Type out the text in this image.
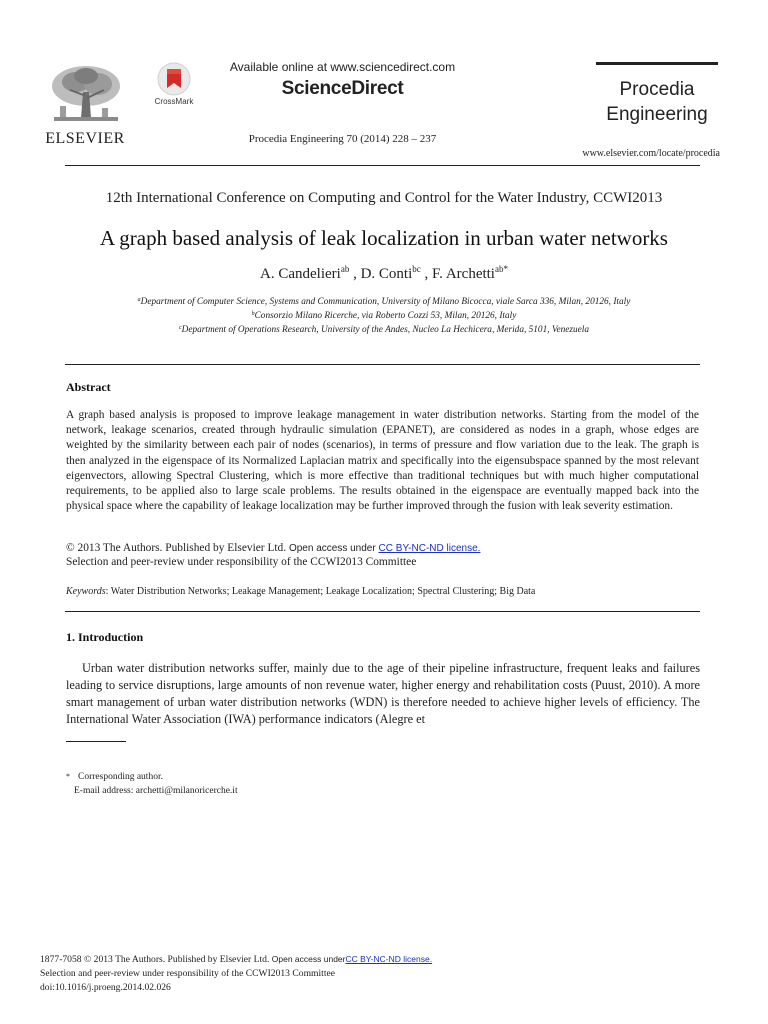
ELSEVIER
CrossMark
Available online at www.sciencedirect.com
ScienceDirect
Procedia Engineering 70 (2014) 228 – 237
Procedia
Engineering
www.elsevier.com/locate/procedia
12th International Conference on Computing and Control for the Water Industry, CCWI2013
A graph based analysis of leak localization in urban water networks
A. Candelieri$^{ab}$ , D. Conti$^{bc}$ , F. Archetti$^{ab*}$
$^a$Department of Computer Science, Systems and Communication, University of Milano Bicocca, viale Sarca 336, Milan, 20126, Italy
$^b$Consorzio Milano Ricerche, via Roberto Cozzi 53, Milan, 20126, Italy
$^c$Department of Operations Research, University of the Andes, Nucleo La Hechicera, Merida, 5101, Venezuela
Abstract
A graph based analysis is proposed to improve leakage management in water distribution networks. Starting from the model of the network, leakage scenarios, created through hydraulic simulation (EPANET), are considered as nodes in a graph, whose edges are weighted by the similarity between each pair of nodes (scenarios), in terms of pressure and flow variation due to the leak. The graph is then analyzed in the eigenspace of its Normalized Laplacian matrix and specifically into the eigensubspace spanned by the most relevant eigenvectors, allowing Spectral Clustering, which is more effective than traditional techniques but with much higher computational requirements, to be applied also to large scale problems. The results obtained in the eigenspace are eventually mapped back into the physical space where the capability of leakage localization may be further improved through the fusion with leak severity estimation.
© 2013 The Authors. Published by Elsevier Ltd. Open access under CC BY-NC-ND license.
Selection and peer-review under responsibility of the CCWI2013 Committee
Keywords: Water Distribution Networks; Leakage Management; Leakage Localization; Spectral Clustering; Big Data
1. Introduction
Urban water distribution networks suffer, mainly due to the age of their pipeline infrastructure, frequent leaks and failures leading to service disruptions, large amounts of non revenue water, higher energy and rehabilitation costs (Puust, 2010). A more smart management of urban water distribution networks (WDN) is therefore needed to achieve higher levels of efficiency. The International Water Association (IWA) performance indicators (Alegre et
* Corresponding author.
E-mail address: archetti@milanoricerche.it
1877-7058 © 2013 The Authors. Published by Elsevier Ltd. Open access underCC BY-NC-ND license.
Selection and peer-review under responsibility of the CCWI2013 Committee
doi:10.1016/j.proeng.2014.02.026
